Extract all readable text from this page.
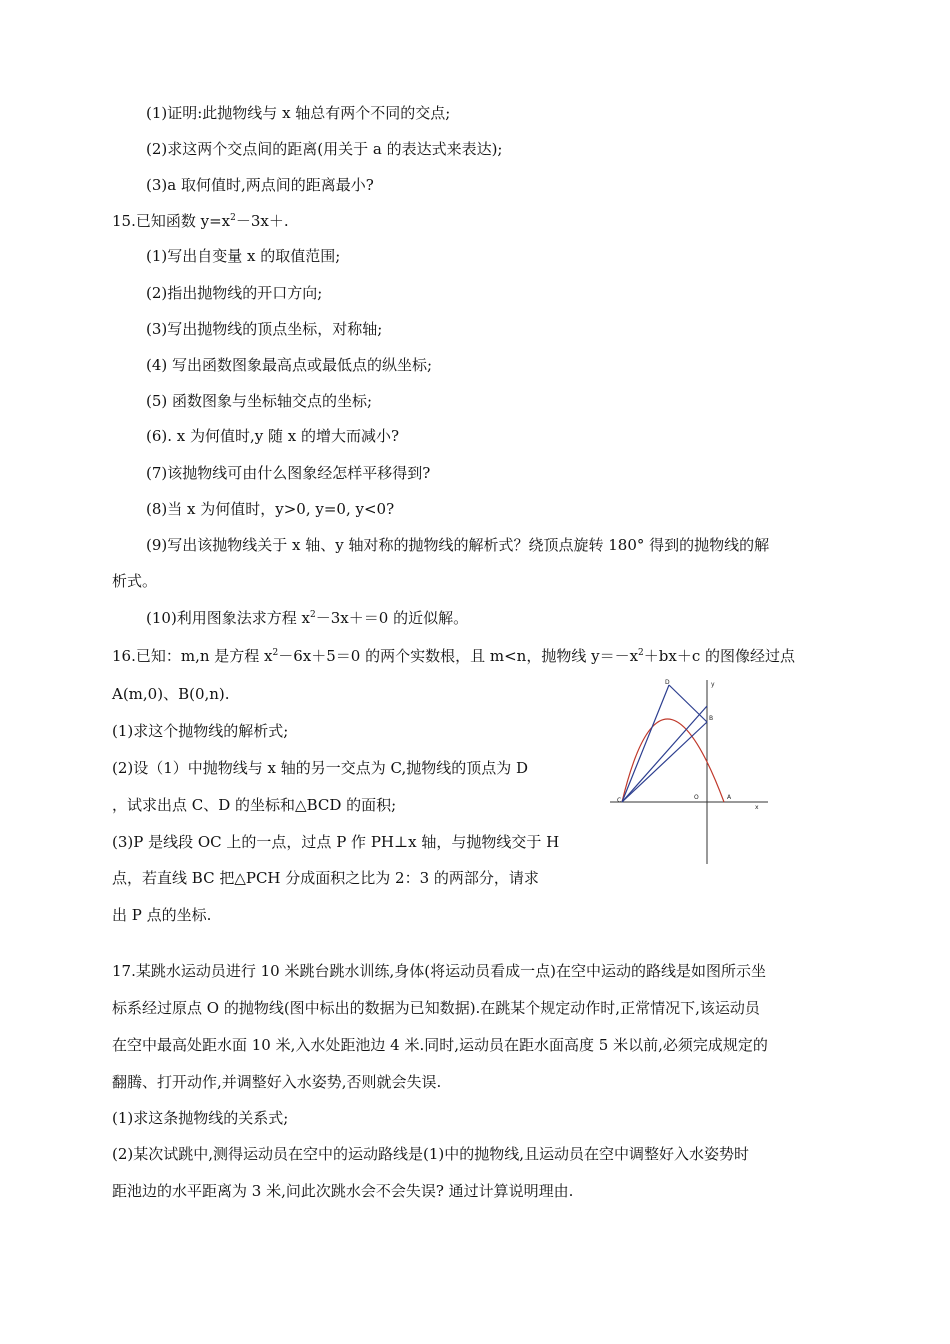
(1)证明:此抛物线与 x 轴总有两个不同的交点;
(2)求这两个交点间的距离(用关于 a 的表达式来表达);
(3)a 取何值时,两点间的距离最小?
15.已知函数 $y=x^2-3x+$.
(1)写出自变量 x 的取值范围;
(2)指出抛物线的开口方向;
(3)写出抛物线的顶点坐标，对称轴;
(4) 写出函数图象最高点或最低点的纵坐标;
(5) 函数图象与坐标轴交点的坐标;
(6). x 为何值时,y 随 x 的增大而减小?
(7)该抛物线可由什么图象经怎样平移得到?
(8)当 x 为何值时，y>0, y=0, y<0?
(9)写出该抛物线关于 x 轴、y 轴对称的抛物线的解析式？绕顶点旋转 180° 得到的抛物线的解
析式。
(10)利用图象法求方程 $x^2-3x+=0$ 的近似解。
16.已知：m,n 是方程 $x^2-6x+5=0$ 的两个实数根，且 m<n，抛物线 $y=-x^2+bx+c$ 的图像经过点
A(m,0)、B(0,n).
(1)求这个抛物线的解析式;
(2)设（1）中抛物线与 x 轴的另一交点为 C,抛物线的顶点为 D
，试求出点 C、D 的坐标和△BCD 的面积;
(3)P 是线段 OC 上的一点，过点 P 作 PH⊥x 轴，与抛物线交于 H
点，若直线 BC 把△PCH 分成面积之比为 2：3 的两部分，请求
出 P 点的坐标.
D	y
B
C	O	A
x
17.某跳水运动员进行 10 米跳台跳水训练,身体(将运动员看成一点)在空中运动的路线是如图所示坐
标系经过原点 O 的抛物线(图中标出的数据为已知数据).在跳某个规定动作时,正常情况下,该运动员
在空中最高处距水面 10 米,入水处距池边 4 米.同时,运动员在距水面高度 5 米以前,必须完成规定的
翻腾、打开动作,并调整好入水姿势,否则就会失误.
(1)求这条抛物线的关系式;
(2)某次试跳中,测得运动员在空中的运动路线是(1)中的抛物线,且运动员在空中调整好入水姿势时
距池边的水平距离为 3 米,问此次跳水会不会失误? 通过计算说明理由.
